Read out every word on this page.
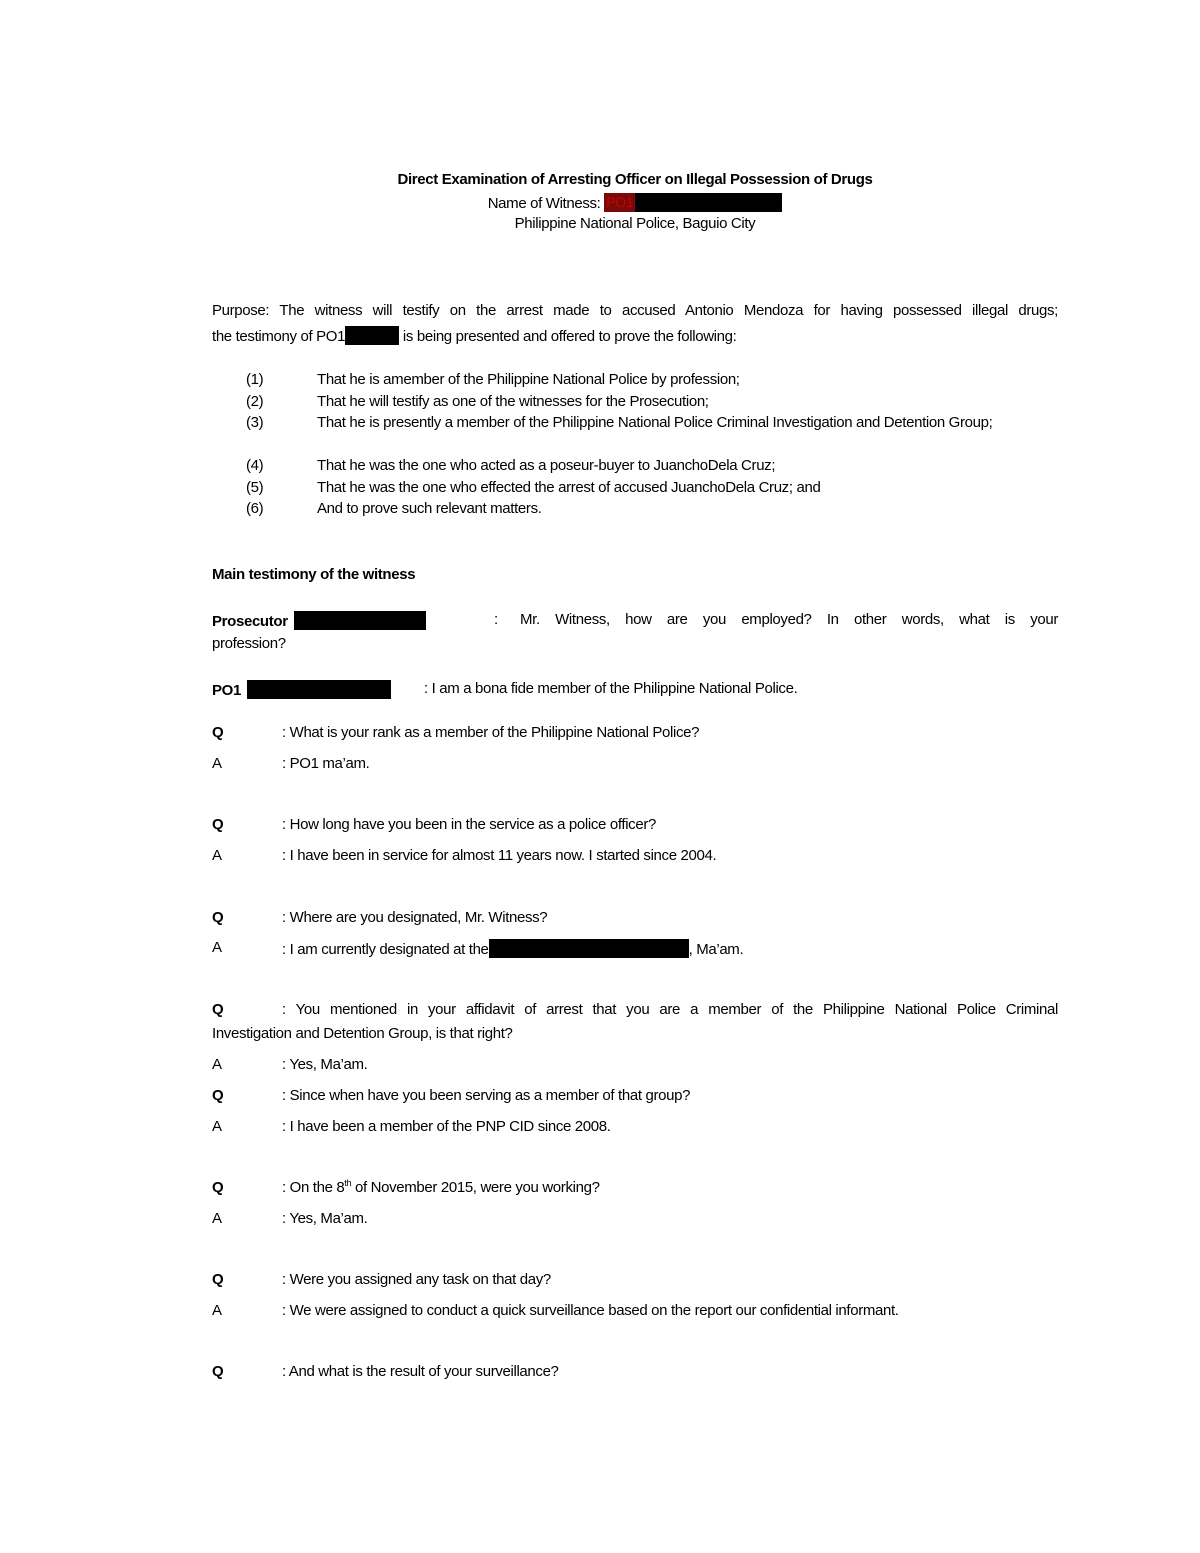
Direct Examination of Arresting Officer on Illegal Possession of Drugs
Name of Witness: PO1
Philippine National Police, Baguio City
Purpose: The witness will testify on the arrest made to accused Antonio Mendoza for having possessed illegal drugs;
the testimony of PO1	is being presented and offered to prove the following:
(1)	That he is amember of the Philippine National Police by profession;
(2)	That he will testify as one of the witnesses for the Prosecution;
(3)	That he is presently a member of the Philippine National Police Criminal Investigation and Detention Group;
(4)	That he was the one who acted as a poseur-buyer to JuanchoDela Cruz;
(5)	That he was the one who effected the arrest of accused JuanchoDela Cruz; and
(6)	And to prove such relevant matters.
Main testimony of the witness
Prosecutor	: Mr. Witness, how are you employed? In other words, what is your
profession?
PO1	: I am a bona fide member of the Philippine National Police.
Q	: What is your rank as a member of the Philippine National Police?
A	: PO1 ma’am.
Q	: How long have you been in the service as a police officer?
A	: I have been in service for almost 11 years now. I started since 2004.
Q	: Where are you designated, Mr. Witness?
A	: I am currently designated at the	, Ma’am.
Q	: You mentioned in your affidavit of arrest that you are a member of the Philippine National Police Criminal
Investigation and Detention Group, is that right?
A	: Yes, Ma’am.
Q	: Since when have you been serving as a member of that group?
A	: I have been a member of the PNP CID since 2008.
Q	: On the 8th of November 2015, were you working?
A	: Yes, Ma’am.
Q	: Were you assigned any task on that day?
A	: We were assigned to conduct a quick surveillance based on the report our confidential informant.
Q	: And what is the result of your surveillance?
